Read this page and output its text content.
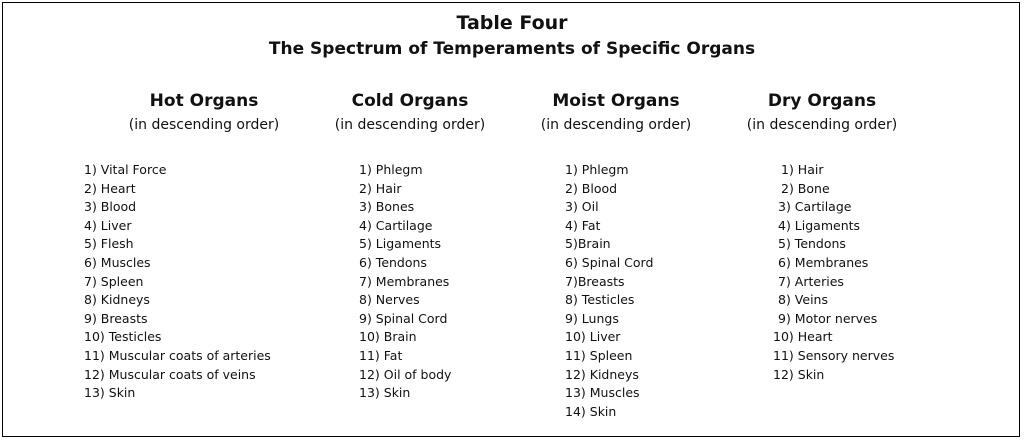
Table Four
The Spectrum of Temperaments of Specific Organs
Hot Organs
(in descending order)
1) Vital Force
2) Heart
3) Blood
4) Liver
5) Flesh
6) Muscles
7) Spleen
8) Kidneys
9) Breasts
10) Testicles
11) Muscular coats of arteries
12) Muscular coats of veins
13) Skin
Cold Organs
(in descending order)
1) Phlegm
2) Hair
3) Bones
4) Cartilage
5) Ligaments
6) Tendons
7) Membranes
8) Nerves
9) Spinal Cord
10) Brain
11) Fat
12) Oil of body
13) Skin
Moist Organs
(in descending order)
1) Phlegm
2) Blood
3) Oil
4) Fat
5)Brain
6) Spinal Cord
7)Breasts
8) Testicles
9) Lungs
10) Liver
11) Spleen
12) Kidneys
13) Muscles
14) Skin
Dry Organs
(in descending order)
1) Hair
2) Bone
3) Cartilage
4) Ligaments
5) Tendons
6) Membranes
7) Arteries
8) Veins
9) Motor nerves
10) Heart
11) Sensory nerves
12) Skin
